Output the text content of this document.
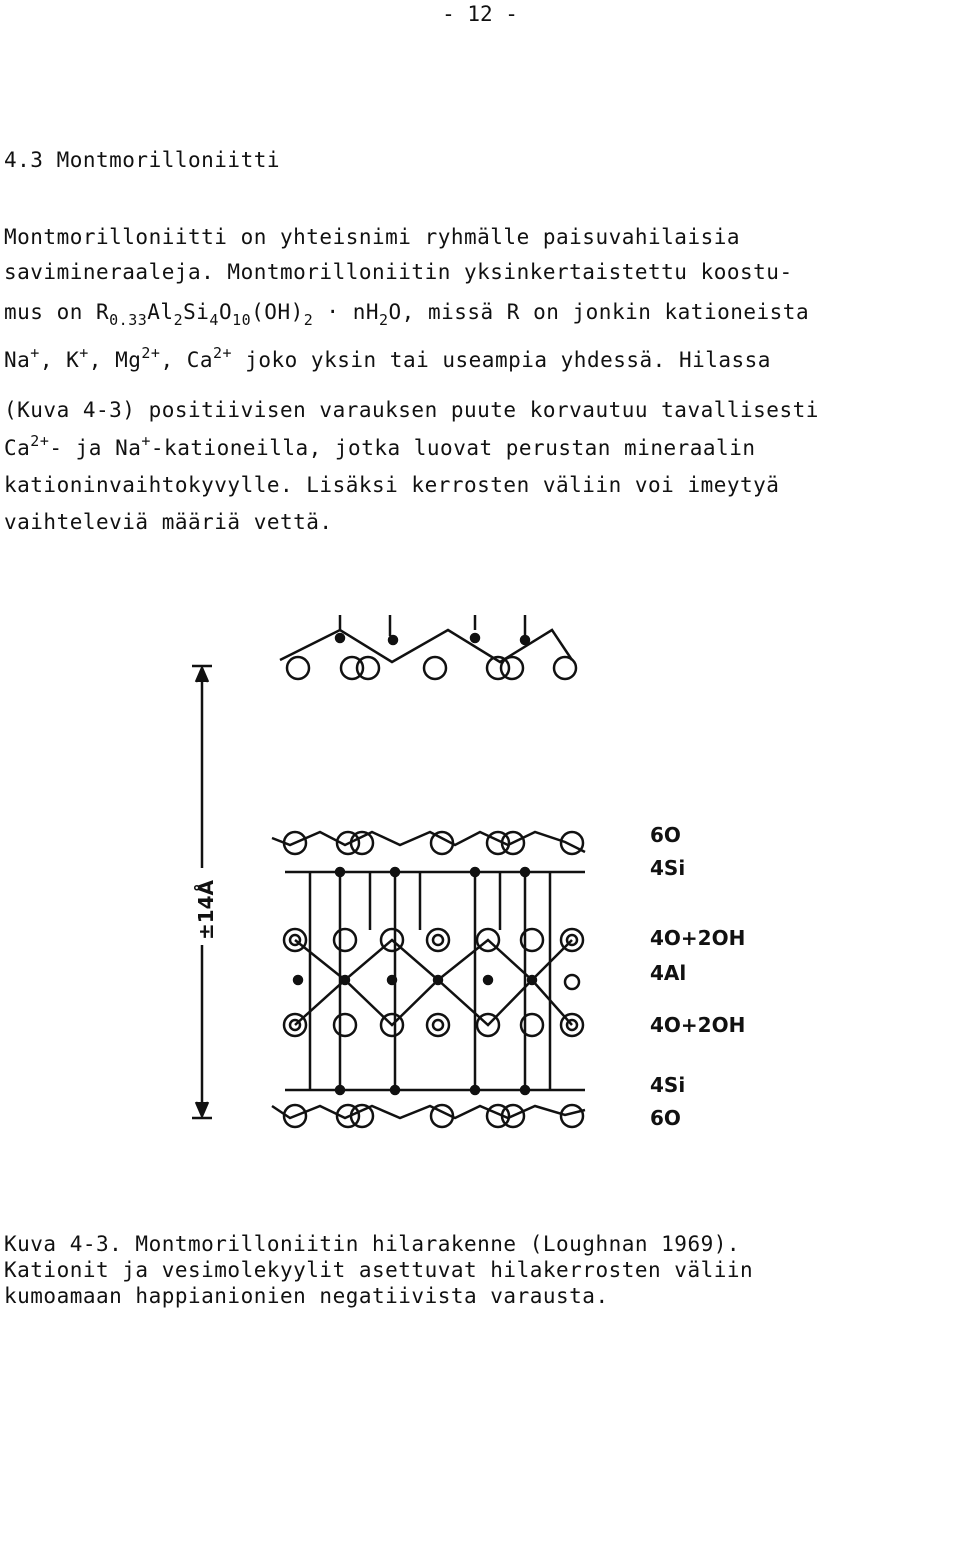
- 12 -
4.3 Montmorilloniitti
Montmorilloniitti on yhteisnimi ryhmälle paisuvahilaisia
savimineraaleja. Montmorilloniitin yksinkertaistettu koostu-
mus on $R_{0.33}Al_2Si_4O_{10}(OH)_2 \cdot nH_2O$, missä R on jonkin kationeista
Na+, K+, $Mg^{2+}$, $Ca^{2+}$ joko yksin tai useampia yhdessä. Hilassa
(Kuva 4-3) positiivisen varauksen puute korvautuu tavallisesti
$Ca^{2+}-$ ja Na+-kationeilla, jotka luovat perustan mineraalin
kationinvaihtokyvylle. Lisäksi kerrosten väliin voi imeytyä
vaihteleviä määriä vettä.
±14Å
6O
4Si
4O+2OH
4Al
4O+2OH
4Si
6O
Kuva 4-3. Montmorilloniitin hilarakenne (Loughnan 1969).
Kationit ja vesimolekyylit asettuvat hilakerrosten väliin
kumoamaan happianionien negatiivista varausta.
